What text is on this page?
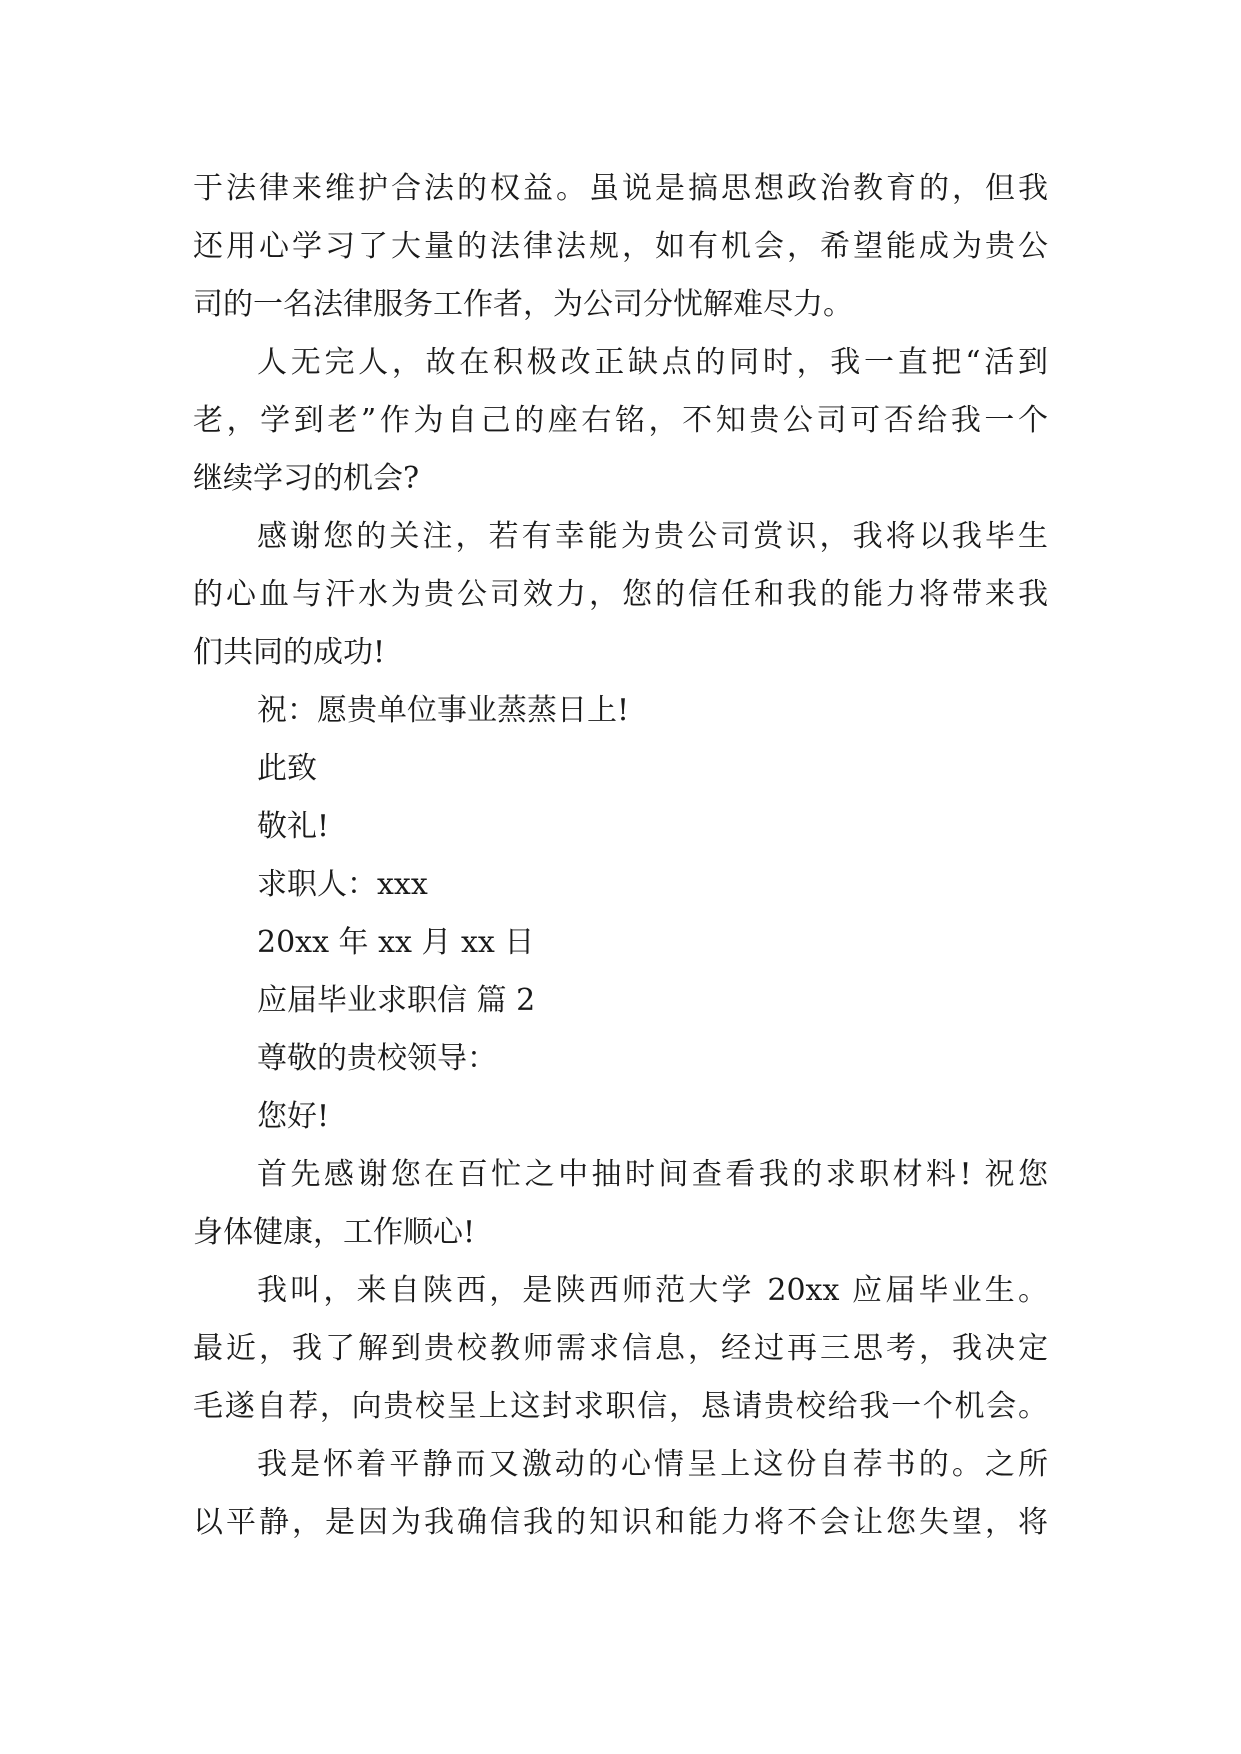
于法律来维护合法的权益。虽说是搞思想政治教育的，但我
还用心学习了大量的法律法规，如有机会，希望能成为贵公
司的一名法律服务工作者，为公司分忧解难尽力。
人无完人，故在积极改正缺点的同时，我一直把“活到
老，学到老”作为自己的座右铭，不知贵公司可否给我一个
继续学习的机会?
感谢您的关注，若有幸能为贵公司赏识，我将以我毕生
的心血与汗水为贵公司效力，您的信任和我的能力将带来我
们共同的成功!
祝：愿贵单位事业蒸蒸日上!
此致
敬礼!
求职人：xxx
20xx 年 xx 月 xx 日
应届毕业求职信 篇 2
尊敬的贵校领导：
您好!
首先感谢您在百忙之中抽时间查看我的求职材料! 祝您
身体健康，工作顺心!
我叫，来自陕西，是陕西师范大学 20xx 应届毕业生。
最近，我了解到贵校教师需求信息，经过再三思考，我决定
毛遂自荐，向贵校呈上这封求职信，恳请贵校给我一个机会。
我是怀着平静而又激动的心情呈上这份自荐书的。之所
以平静，是因为我确信我的知识和能力将不会让您失望，将
